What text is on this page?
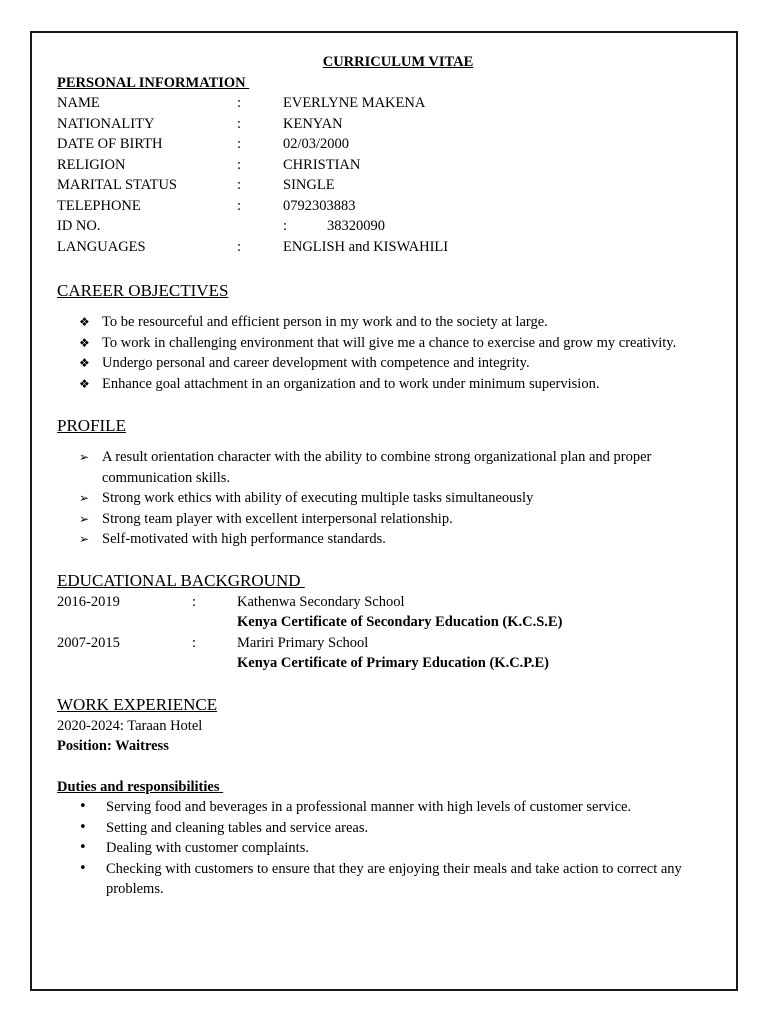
CURRICULUM VITAE
PERSONAL INFORMATION
NAME	:	EVERLYNE MAKENA
NATIONALITY	:	KENYAN
DATE OF BIRTH	:	02/03/2000
RELIGION	:	CHRISTIAN
MARITAL STATUS	:	SINGLE
TELEPHONE	:	0792303883
ID NO.	:	38320090
LANGUAGES	:	ENGLISH and KISWAHILI
CAREER OBJECTIVES
❖ To be resourceful and efficient person in my work and to the society at large.
❖ To work in challenging environment that will give me a chance to exercise and grow my creativity.
❖ Undergo personal and career development with competence and integrity.
❖ Enhance goal attachment in an organization and to work under minimum supervision.
PROFILE
➢ A result orientation character with the ability to combine strong organizational plan and proper communication skills.
➢ Strong work ethics with ability of executing multiple tasks simultaneously
➢ Strong team player with excellent interpersonal relationship.
➢ Self-motivated with high performance standards.
EDUCATIONAL BACKGROUND
2016-2019	:	Kathenwa Secondary School
Kenya Certificate of Secondary Education (K.C.S.E)
2007-2015	:	Mariri Primary School
Kenya Certificate of Primary Education (K.C.P.E)
WORK EXPERIENCE
2020-2024: Taraan Hotel
Position: Waitress
Duties and responsibilities
• Serving food and beverages in a professional manner with high levels of customer service.
• Setting and cleaning tables and service areas.
• Dealing with customer complaints.
• Checking with customers to ensure that they are enjoying their meals and take action to correct any problems.
